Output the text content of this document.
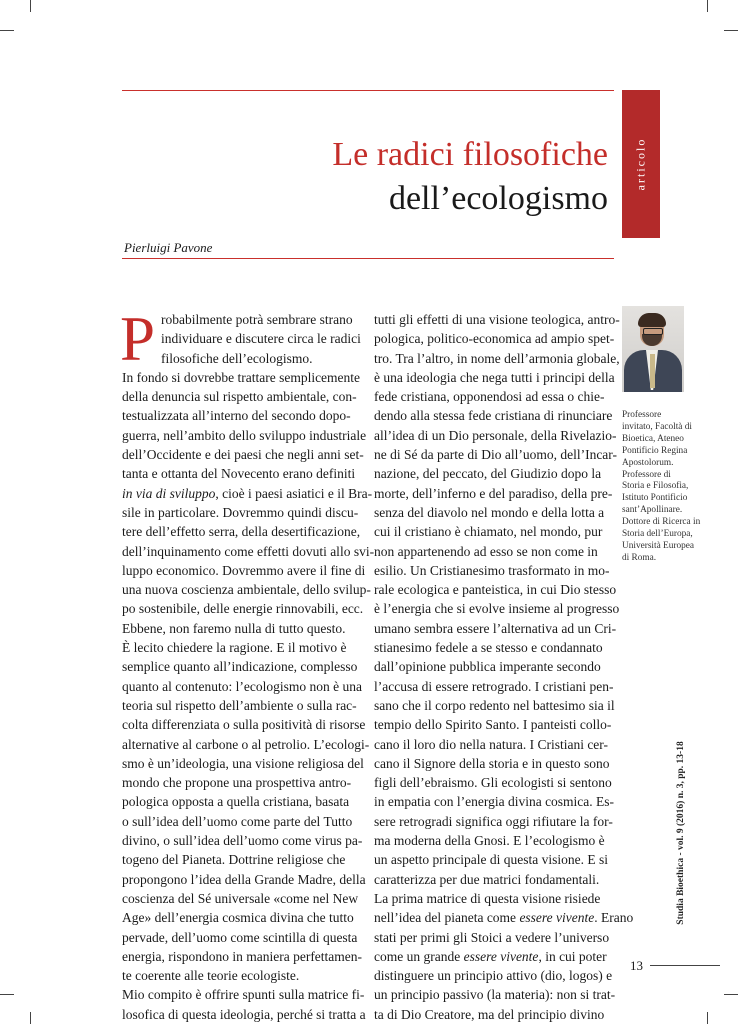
articolo
Le radici filosofiche
dell’ecologismo
Pierluigi Pavone
P robabilmente potrà sembrare strano
individuare e discutere circa le radici
filosofiche dell’ecologismo.
In fondo si dovrebbe trattare semplicemente
della denuncia sul rispetto ambientale, con-
testualizzata all’interno del secondo dopo-
guerra, nell’ambito dello sviluppo industriale
dell’Occidente e dei paesi che negli anni set-
tanta e ottanta del Novecento erano definiti
in via di sviluppo, cioè i paesi asiatici e il Bra-
sile in particolare. Dovremmo quindi discu-
tere dell’effetto serra, della desertificazione,
dell’inquinamento come effetti dovuti allo svi-
luppo economico. Dovremmo avere il fine di
una nuova coscienza ambientale, dello svilup-
po sostenibile, delle energie rinnovabili, ecc.
Ebbene, non faremo nulla di tutto questo.
È lecito chiedere la ragione. E il motivo è
semplice quanto all’indicazione, complesso
quanto al contenuto: l’ecologismo non è una
teoria sul rispetto dell’ambiente o sulla rac-
colta differenziata o sulla positività di risorse
alternative al carbone o al petrolio. L’ecologi-
smo è un’ideologia, una visione religiosa del
mondo che propone una prospettiva antro-
pologica opposta a quella cristiana, basata
o sull’idea dell’uomo come parte del Tutto
divino, o sull’idea dell’uomo come virus pa-
togeno del Pianeta. Dottrine religiose che
propongono l’idea della Grande Madre, della
coscienza del Sé universale «come nel New
Age» dell’energia cosmica divina che tutto
pervade, dell’uomo come scintilla di questa
energia, rispondono in maniera perfettamen-
te coerente alle teorie ecologiste.
Mio compito è offrire spunti sulla matrice fi-
losofica di questa ideologia, perché si tratta a
tutti gli effetti di una visione teologica, antro-
pologica, politico-economica ad ampio spet-
tro. Tra l’altro, in nome dell’armonia globale,
è una ideologia che nega tutti i principi della
fede cristiana, opponendosi ad essa o chie-
dendo alla stessa fede cristiana di rinunciare
all’idea di un Dio personale, della Rivelazio-
ne di Sé da parte di Dio all’uomo, dell’Incar-
nazione, del peccato, del Giudizio dopo la
morte, dell’inferno e del paradiso, della pre-
senza del diavolo nel mondo e della lotta a
cui il cristiano è chiamato, nel mondo, pur
non appartenendo ad esso se non come in
esilio. Un Cristianesimo trasformato in mo-
rale ecologica e panteistica, in cui Dio stesso
è l’energia che si evolve insieme al progresso
umano sembra essere l’alternativa ad un Cri-
stianesimo fedele a se stesso e condannato
dall’opinione pubblica imperante secondo
l’accusa di essere retrogrado. I cristiani pen-
sano che il corpo redento nel battesimo sia il
tempio dello Spirito Santo. I panteisti collo-
cano il loro dio nella natura. I Cristiani cer-
cano il Signore della storia e in questo sono
figli dell’ebraismo. Gli ecologisti si sentono
in empatia con l’energia divina cosmica. Es-
sere retrogradi significa oggi rifiutare la for-
ma moderna della Gnosi. E l’ecologismo è
un aspetto principale di questa visione. E si
caratterizza per due matrici fondamentali.
La prima matrice di questa visione risiede
nell’idea del pianeta come essere vivente. Erano
stati per primi gli Stoici a vedere l’universo
come un grande essere vivente, in cui poter
distinguere un principio attivo (dio, logos) e
un principio passivo (la materia): non si trat-
ta di Dio Creatore, ma del principio divino
Professore
invitato, Facoltà di
Bioetica, Ateneo
Pontificio Regina
Apostolorum.
Professore di
Storia e Filosofia,
Istituto Pontificio
sant’Apollinare.
Dottore di Ricerca in
Storia dell’Europa,
Università Europea
di Roma.
Studia Bioethica - vol. 9 (2016) n. 3, pp. 13-18
13
